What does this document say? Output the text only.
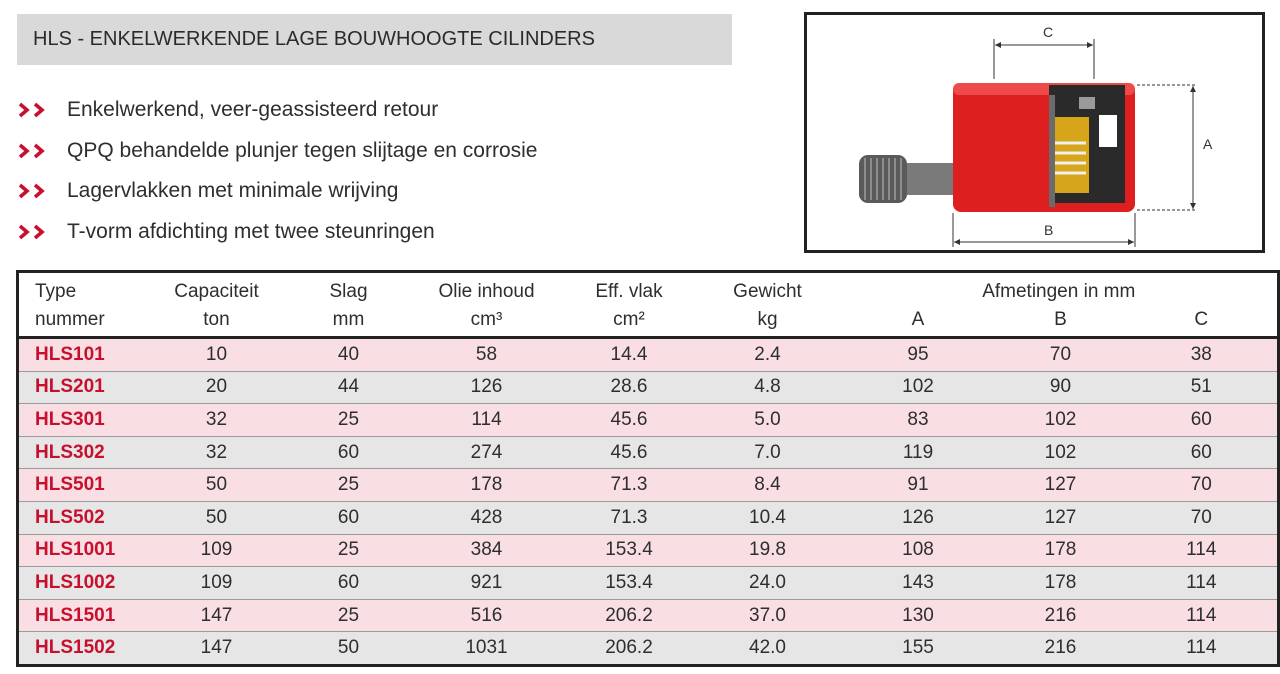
HLS - ENKELWERKENDE LAGE BOUWHOOGTE CILINDERS
Enkelwerkend, veer-geassisteerd retour
QPQ behandelde plunjer tegen slijtage en corrosie
Lagervlakken met minimale wrijving
T-vorm afdichting met twee steunringen
C
A
B
Type	Capaciteit	Slag	Olie inhoud	Eff. vlak	Gewicht	Afmetingen in mm		
nummer	ton	mm	cm³	cm²	kg	A	B	C
HLS101	10	40	58	14.4	2.4	95	70	38
HLS201	20	44	126	28.6	4.8	102	90	51
HLS301	32	25	114	45.6	5.0	83	102	60
HLS302	32	60	274	45.6	7.0	119	102	60
HLS501	50	25	178	71.3	8.4	91	127	70
HLS502	50	60	428	71.3	10.4	126	127	70
HLS1001	109	25	384	153.4	19.8	108	178	114
HLS1002	109	60	921	153.4	24.0	143	178	114
HLS1501	147	25	516	206.2	37.0	130	216	114
HLS1502	147	50	1031	206.2	42.0	155	216	114
